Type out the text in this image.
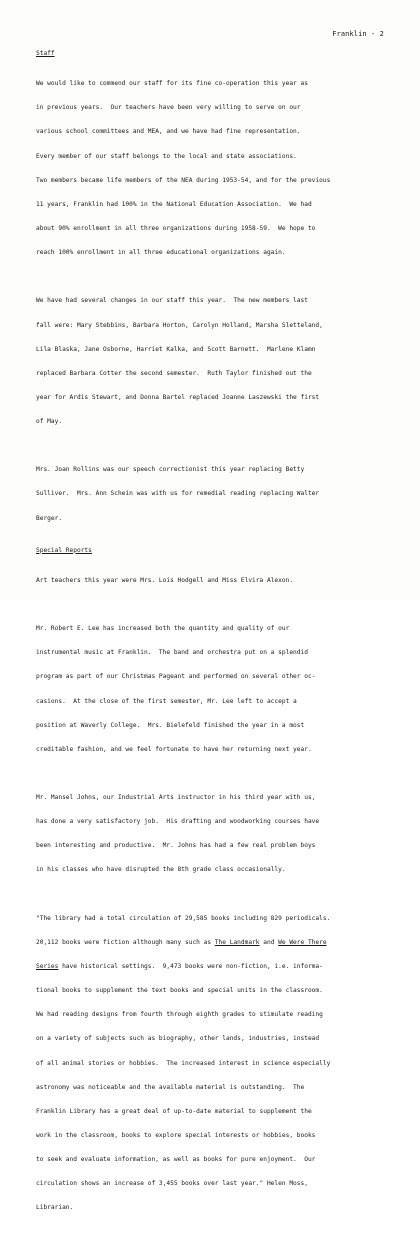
Franklin - 2
Staff

We would like to commend our staff for its fine co-operation this year as

in previous years.  Our teachers have been very willing to serve on our

various school committees and MEA, and we have had fine representation.

Every member of our staff belongs to the local and state associations.

Two members became life members of the NEA during 1953-54, and for the previous

11 years, Franklin had 100% in the National Education Association.  We had

about 90% enrollment in all three organizations during 1958-59.  We hope to

reach 100% enrollment in all three educational organizations again.

We have had several changes in our staff this year.  The new members last

fall were: Mary Stebbins, Barbara Horton, Carolyn Holland, Marsha Sletteland,

Lila Blaska, Jane Osborne, Harriet Kalka, and Scott Barnett.  Marlene Klamn

replaced Barbara Cotter the second semester.  Ruth Taylor finished out the

year for Ardis Stewart, and Donna Bartel replaced Joanne Laszewski the first

of May.

Mrs. Joan Rollins was our speech correctionist this year replacing Betty

Sulliver.  Mrs. Ann Schein was with us for remedial reading replacing Walter

Berger.

Special Reports

Art teachers this year were Mrs. Lois Hodgell and Miss Elvira Alexon.

Mr. Robert E. Lee has increased both the quantity and quality of our

instrumental music at Franklin.  The band and orchestra put on a splendid

program as part of our Christmas Pageant and performed on several other oc-

casions.  At the close of the first semester, Mr. Lee left to accept a

position at Waverly College.  Mrs. Bielefeld finished the year in a most

creditable fashion, and we feel fortunate to have her returning next year.

Mr. Mansel Johns, our Industrial Arts instructor in his third year with us,

has done a very satisfactory job.  His drafting and woodworking courses have

been interesting and productive.  Mr. Johns has had a few real problem boys

in his classes who have disrupted the 8th grade class occasionally.

"The library had a total circulation of 29,585 books including 829 periodicals.

20,112 books were fiction although many such as The Landmark and We Were There

Series have historical settings.  9,473 books were non-fiction, i.e. informa-

tional books to supplement the text books and special units in the classroom.

We had reading designs from fourth through eighth grades to stimulate reading

on a variety of subjects such as biography, other lands, industries, instead

of all animal stories or hobbies.  The increased interest in science especially

astronomy was noticeable and the available material is outstanding.  The

Franklin Library has a great deal of up-to-date material to supplement the

work in the classroom, books to explore special interests or hobbies, books

to seek and evaluate information, as well as books for pure enjoyment.  Our

circulation shows an increase of 3,455 books over last year." Helen Moss,

Librarian.
